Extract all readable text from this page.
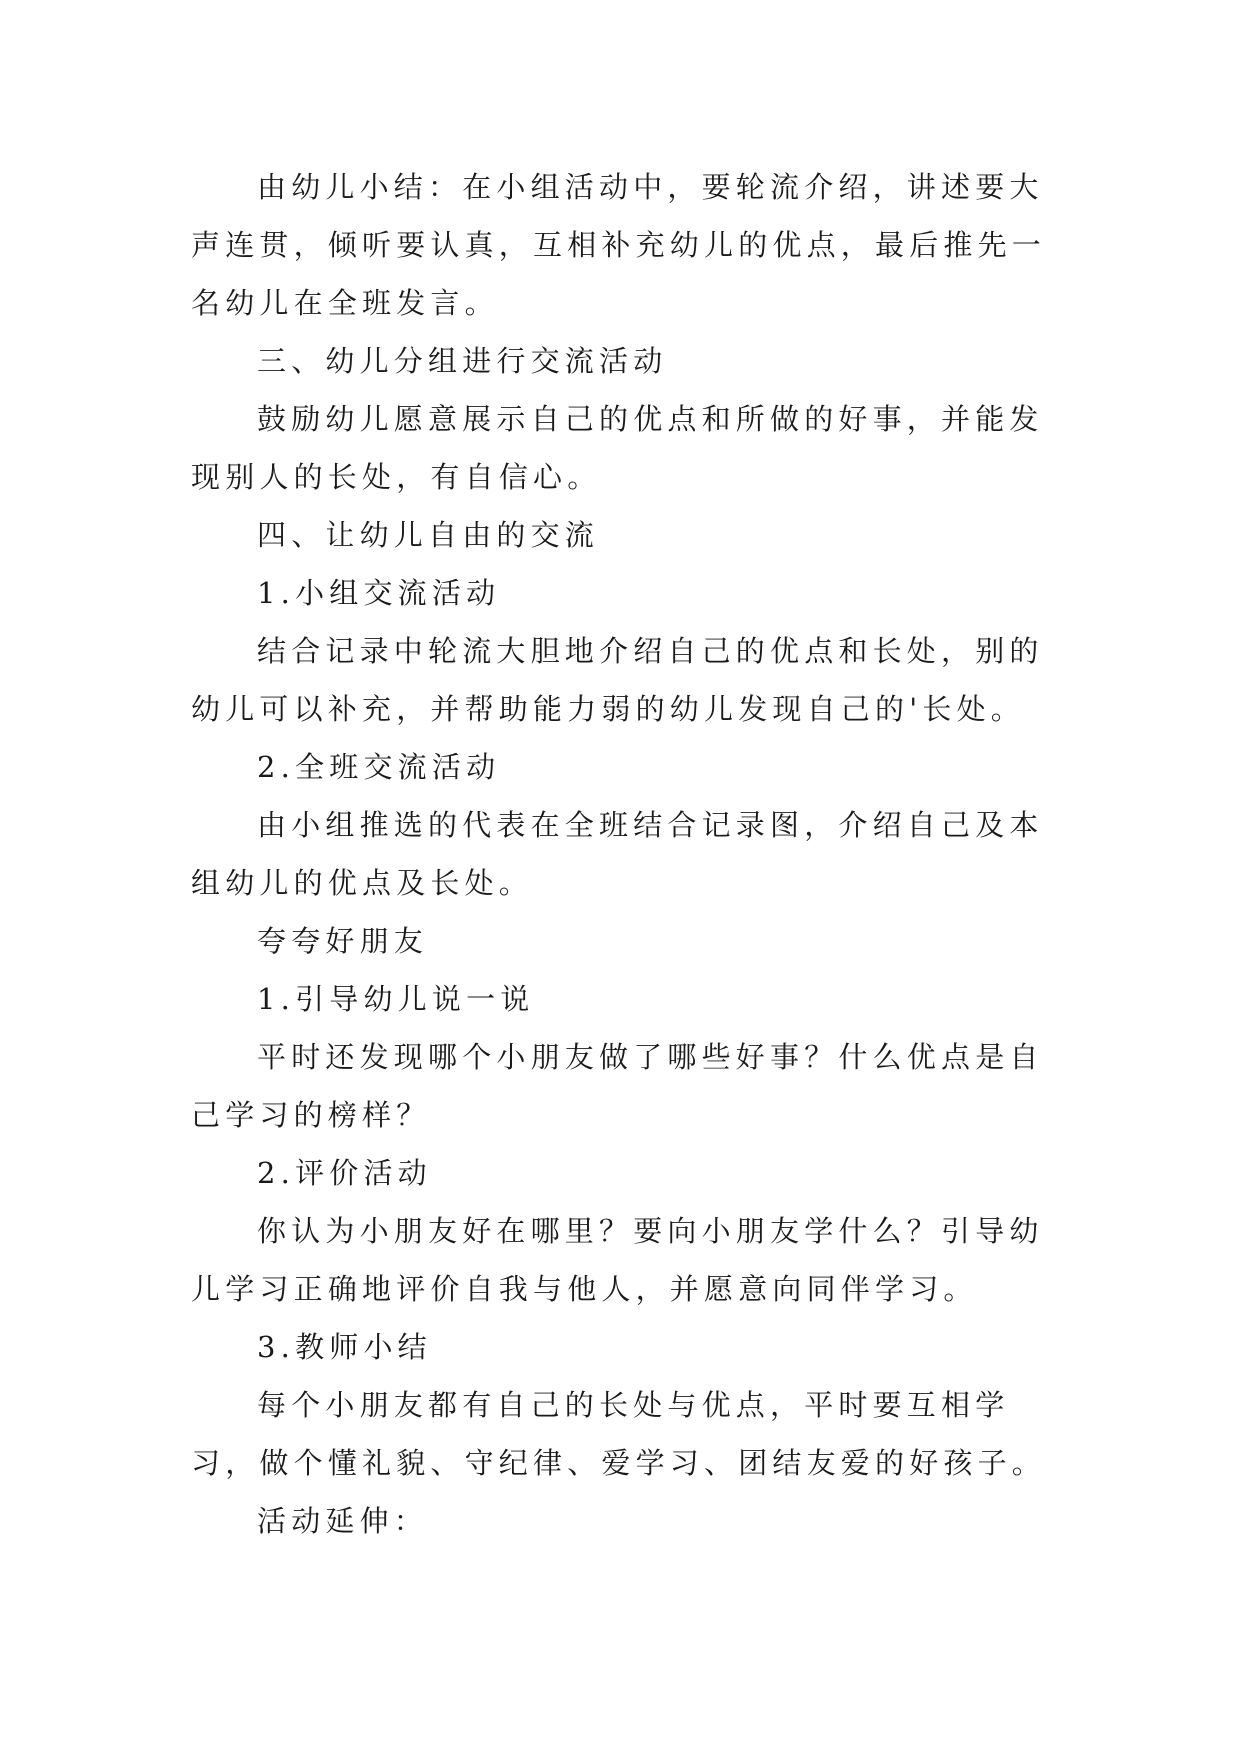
由幼儿小结：在小组活动中，要轮流介绍，讲述要大声连贯，倾听要认真，互相补充幼儿的优点，最后推先一名幼儿在全班发言。

三、幼儿分组进行交流活动

鼓励幼儿愿意展示自己的优点和所做的好事，并能发现别人的长处，有自信心。

四、让幼儿自由的交流

1.小组交流活动

结合记录中轮流大胆地介绍自己的优点和长处，别的幼儿可以补充，并帮助能力弱的幼儿发现自己的'长处。

2.全班交流活动

由小组推选的代表在全班结合记录图，介绍自己及本组幼儿的优点及长处。

夸夸好朋友

1.引导幼儿说一说

平时还发现哪个小朋友做了哪些好事？什么优点是自己学习的榜样？

2.评价活动

你认为小朋友好在哪里？要向小朋友学什么？引导幼儿学习正确地评价自我与他人，并愿意向同伴学习。

3.教师小结

每个小朋友都有自己的长处与优点，平时要互相学习，做个懂礼貌、守纪律、爱学习、团结友爱的好孩子。

活动延伸：
